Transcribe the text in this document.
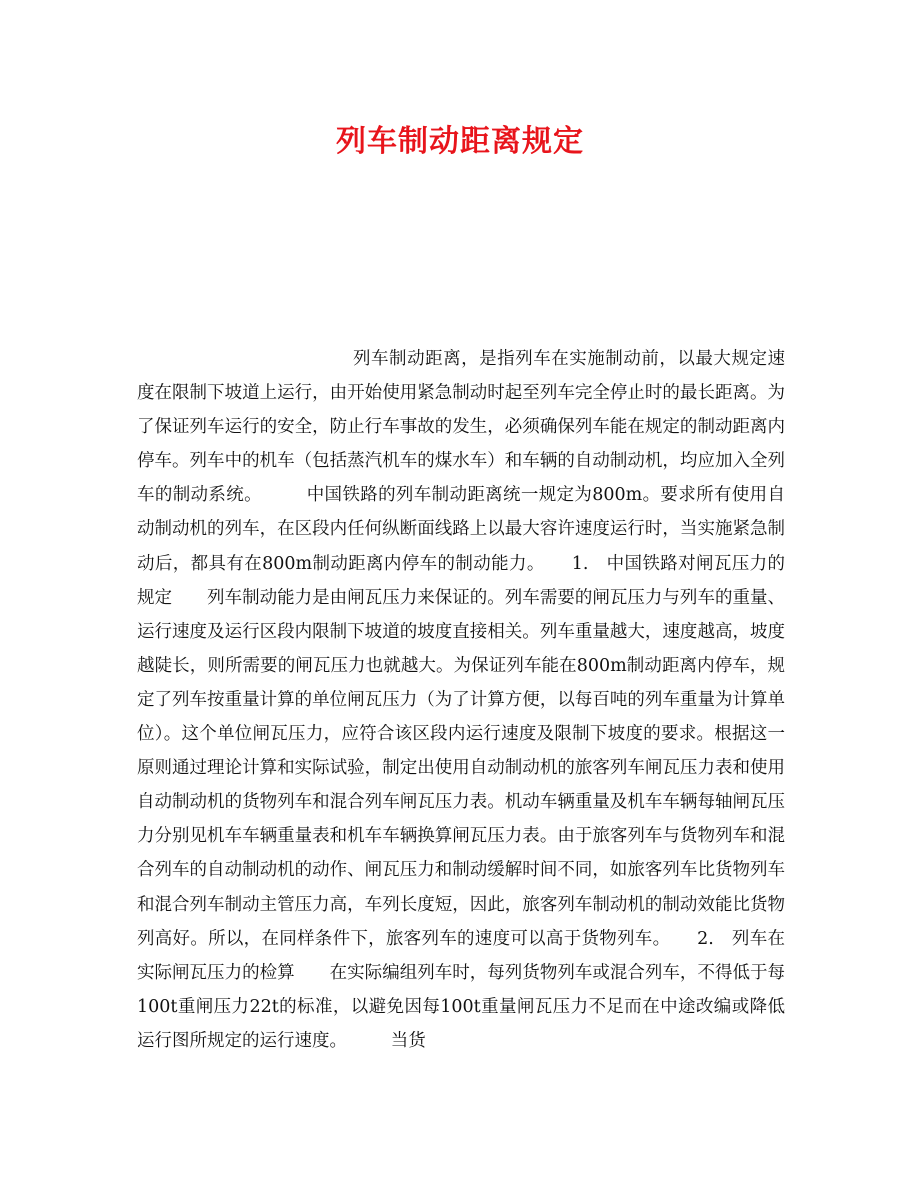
列车制动距离规定

列车制动距离，是指列车在实施制动前，以最大规定速度在限制下坡道上运行，由开始使用紧急制动时起至列车完全停止时的最长距离。为了保证列车运行的安全，防止行车事故的发生，必须确保列车能在规定的制动距离内停车。列车中的机车（包括蒸汽机车的煤水车）和车辆的自动制动机，均应加入全列车的制动系统。　　　中国铁路的列车制动距离统一规定为800m。要求所有使用自动制动机的列车，在区段内任何纵断面线路上以最大容许速度运行时，当实施紧急制动后，都具有在800m制动距离内停车的制动能力。　　1.　中国铁路对闸瓦压力的规定　　列车制动能力是由闸瓦压力来保证的。列车需要的闸瓦压力与列车的重量、运行速度及运行区段内限制下坡道的坡度直接相关。列车重量越大，速度越高，坡度越陡长，则所需要的闸瓦压力也就越大。为保证列车能在800m制动距离内停车，规定了列车按重量计算的单位闸瓦压力（为了计算方便，以每百吨的列车重量为计算单位）。这个单位闸瓦压力，应符合该区段内运行速度及限制下坡度的要求。根据这一原则通过理论计算和实际试验，制定出使用自动制动机的旅客列车闸瓦压力表和使用自动制动机的货物列车和混合列车闸瓦压力表。机动车辆重量及机车车辆每轴闸瓦压力分别见机车车辆重量表和机车车辆换算闸瓦压力表。由于旅客列车与货物列车和混合列车的自动制动机的动作、闸瓦压力和制动缓解时间不同，如旅客列车比货物列车和混合列车制动主管压力高，车列长度短，因此，旅客列车制动机的制动效能比货物列高好。所以，在同样条件下，旅客列车的速度可以高于货物列车。　　2.　列车在实际闸瓦压力的检算　　在实际编组列车时，每列货物列车或混合列车，不得低于每100t重闸压力22t的标准，以避免因每100t重量闸瓦压力不足而在中途改编或降低运行图所规定的运行速度。　　　当货
